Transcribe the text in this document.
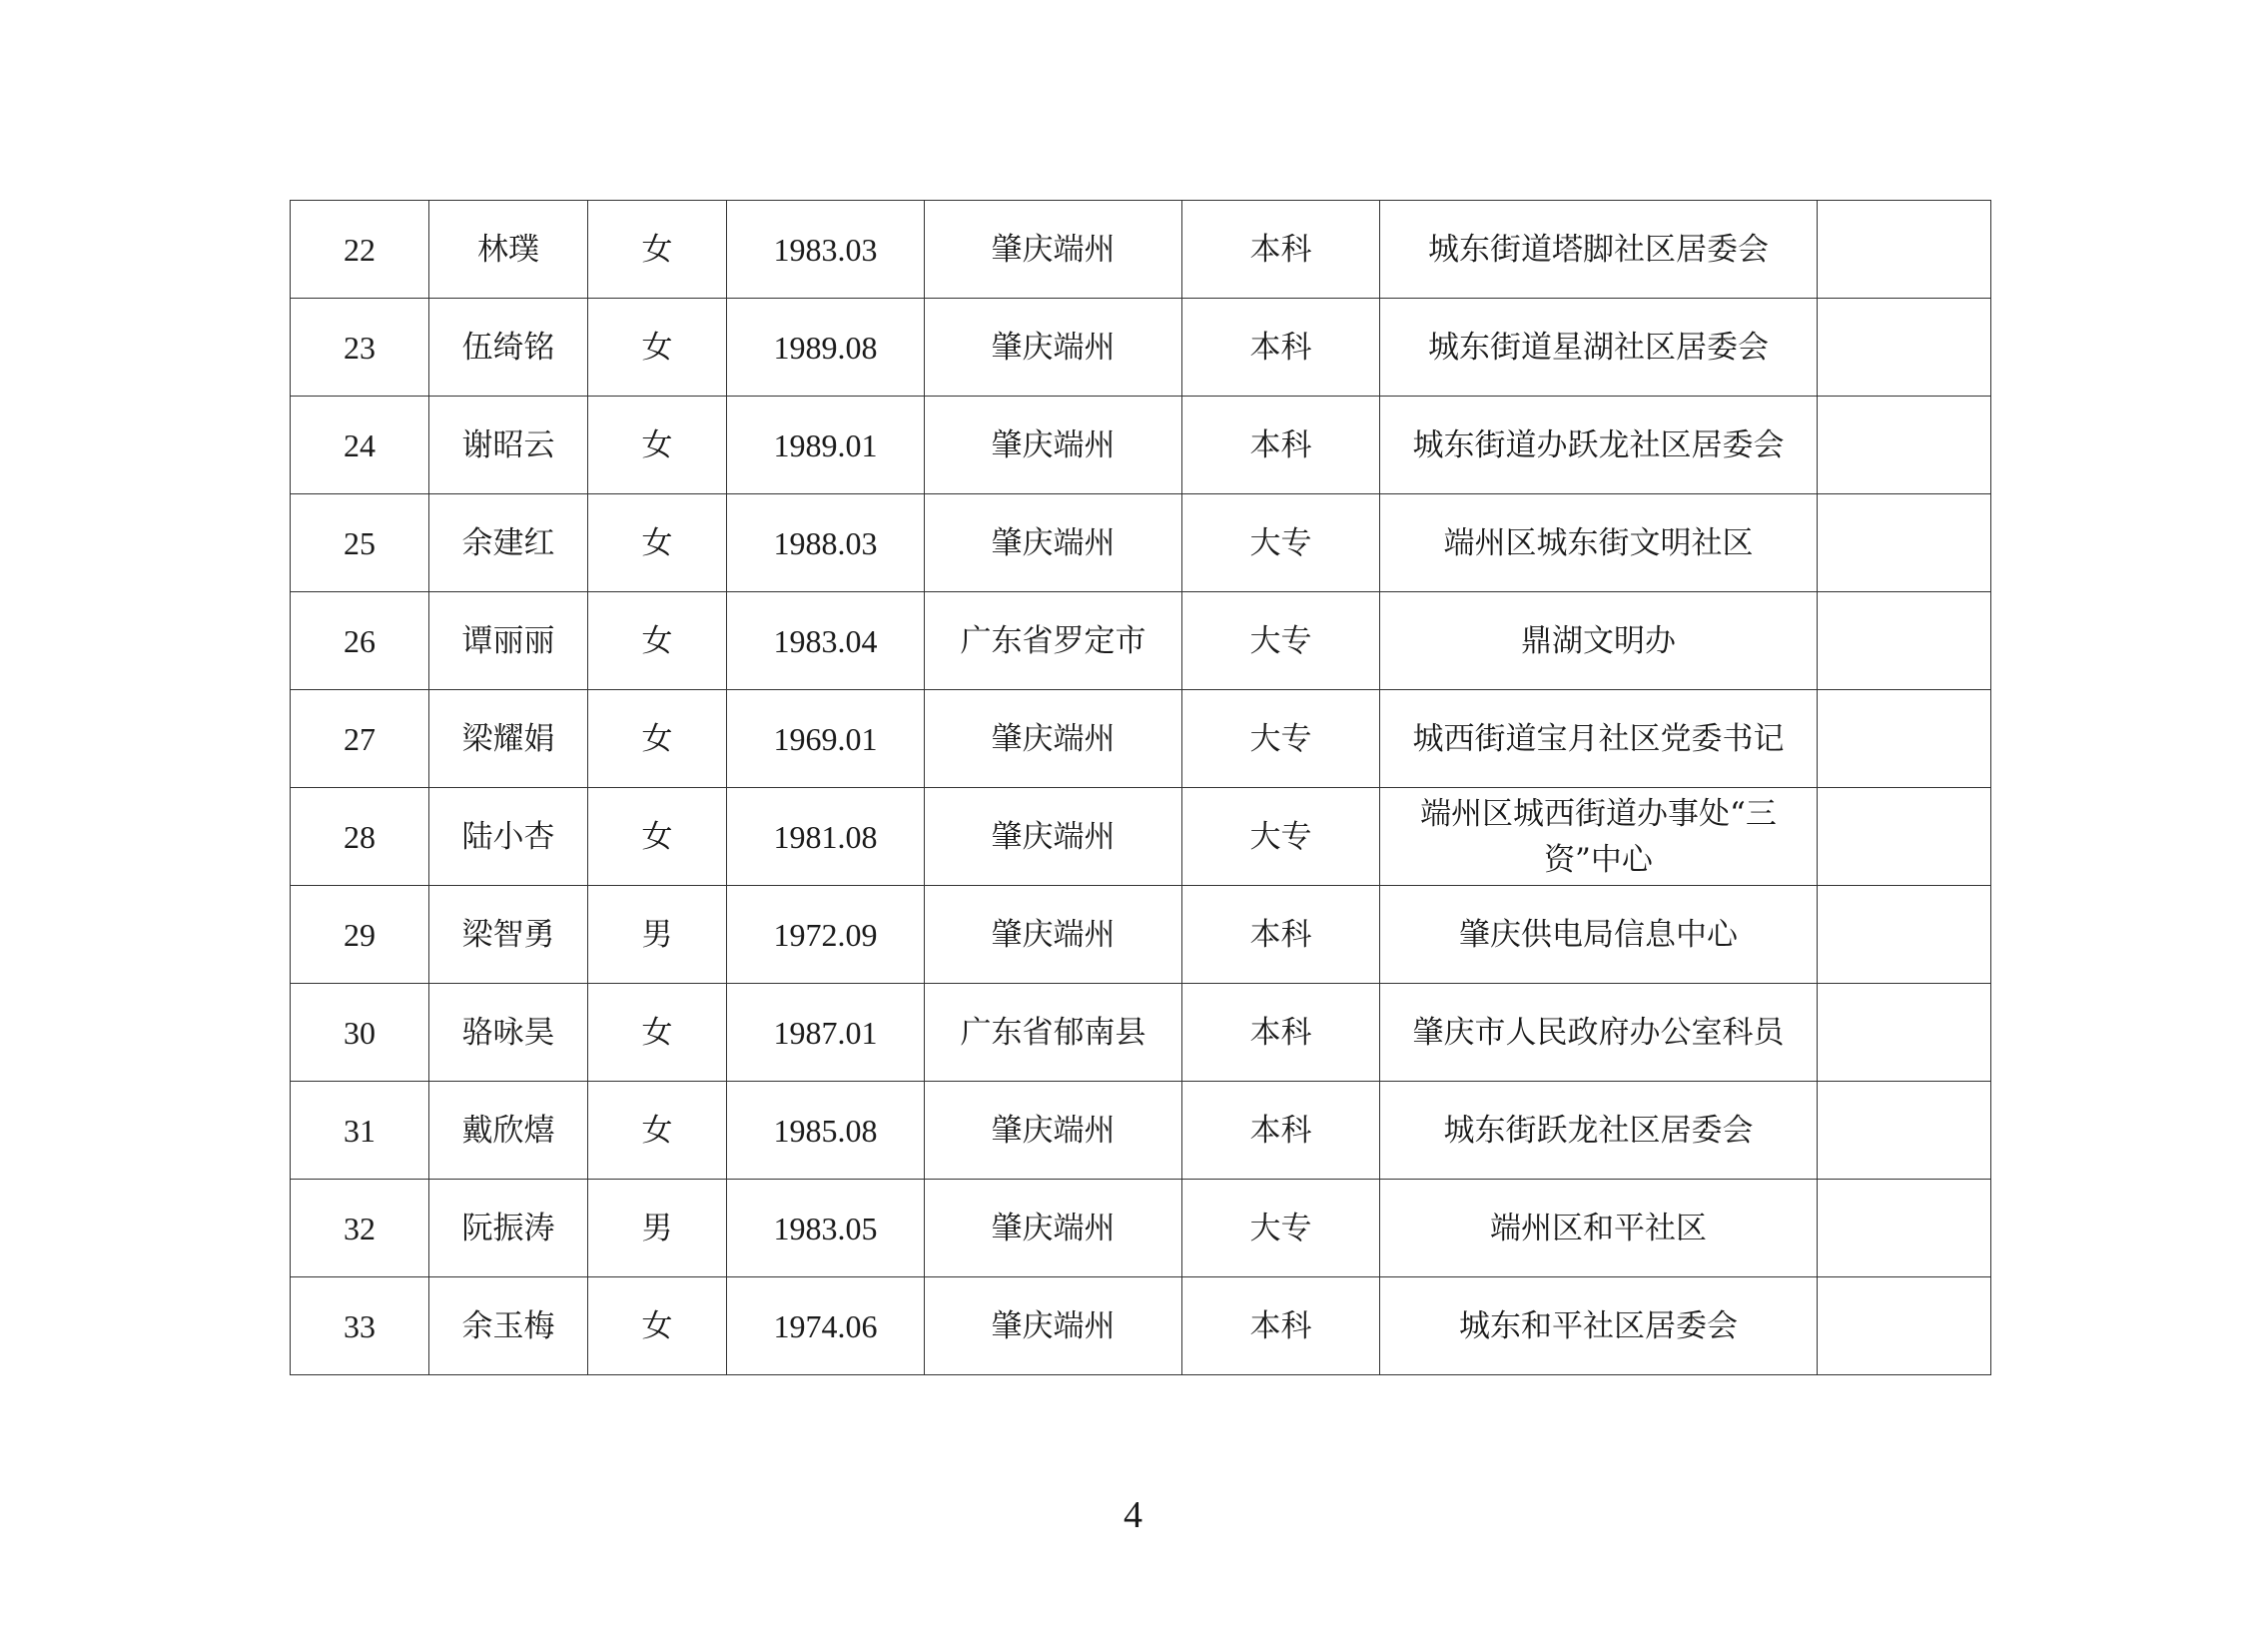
22	林璞	女	1983.03	肇庆端州	本科	城东街道塔脚社区居委会	
23	伍绮铭	女	1989.08	肇庆端州	本科	城东街道星湖社区居委会	
24	谢昭云	女	1989.01	肇庆端州	本科	城东街道办跃龙社区居委会	
25	余建红	女	1988.03	肇庆端州	大专	端州区城东街文明社区	
26	谭丽丽	女	1983.04	广东省罗定市	大专	鼎湖文明办	
27	梁耀娟	女	1969.01	肇庆端州	大专	城西街道宝月社区党委书记	
28	陆小杏	女	1981.08	肇庆端州	大专	端州区城西街道办事处“三资”中心	
29	梁智勇	男	1972.09	肇庆端州	本科	肇庆供电局信息中心	
30	骆咏昊	女	1987.01	广东省郁南县	本科	肇庆市人民政府办公室科员	
31	戴欣熺	女	1985.08	肇庆端州	本科	城东街跃龙社区居委会	
32	阮振涛	男	1983.05	肇庆端州	大专	端州区和平社区	
33	余玉梅	女	1974.06	肇庆端州	本科	城东和平社区居委会	
4
